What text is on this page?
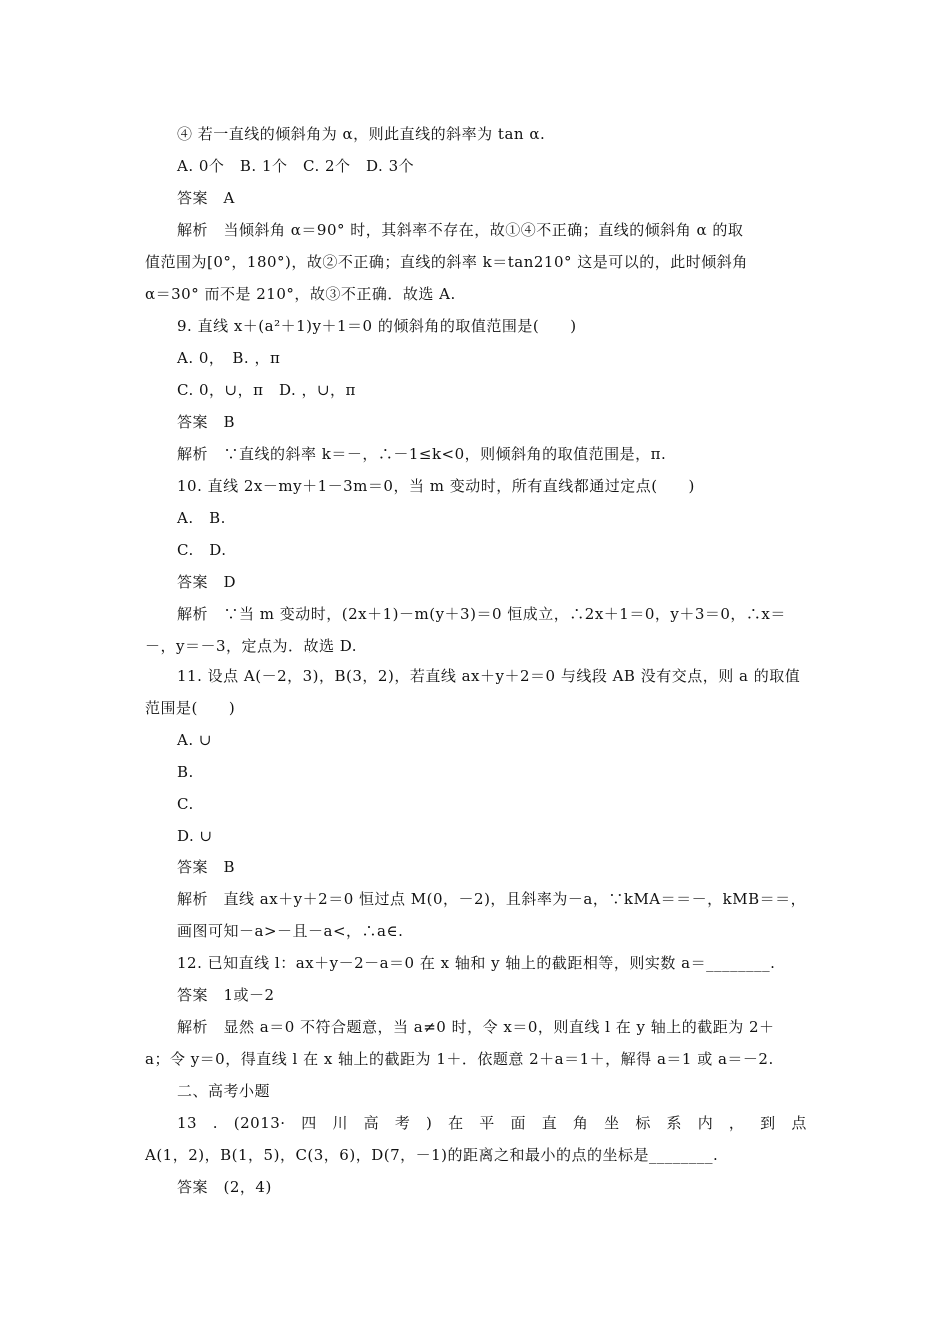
④ 若一直线的倾斜角为 α，则此直线的斜率为 tan α.
A. 0个　B. 1个　C. 2个　D. 3个
答案　A
解析　当倾斜角 α＝90° 时，其斜率不存在，故①④不正确；直线的倾斜角 α 的取
值范围为[0°，180°)，故②不正确；直线的斜率 k＝tan210° 这是可以的，此时倾斜角
α＝30° 而不是 210°，故③不正确．故选 A.
9. 直线 x＋(a²＋1)y＋1＝0 的倾斜角的取值范围是(　　)
A. 0，　B. ，π
C. 0，∪，π　D. ，∪，π
答案　B
解析　∵直线的斜率 k＝－，∴－1≤k<0，则倾斜角的取值范围是，π.
10. 直线 2x－my＋1－3m＝0，当 m 变动时，所有直线都通过定点(　　)
A.　B.
C.　D.
答案　D
解析　∵当 m 变动时，(2x＋1)－m(y＋3)＝0 恒成立，∴2x＋1＝0，y＋3＝0，∴x＝
－，y＝－3，定点为．故选 D.
11. 设点 A(－2，3)，B(3，2)，若直线 ax＋y＋2＝0 与线段 AB 没有交点，则 a 的取值
范围是(　　)
A. ∪
B.
C.
D. ∪
答案　B
解析　直线 ax＋y＋2＝0 恒过点 M(0，－2)，且斜率为－a，∵kMA＝＝－，kMB＝＝，
画图可知－a>－且－a<，∴a∈.
12. 已知直线 l：ax＋y－2－a＝0 在 x 轴和 y 轴上的截距相等，则实数 a＝________.
答案　1或－2
解析　显然 a＝0 不符合题意，当 a≠0 时，令 x＝0，则直线 l 在 y 轴上的截距为 2＋
a；令 y＝0，得直线 l 在 x 轴上的截距为 1＋．依题意 2＋a＝1＋，解得 a＝1 或 a＝－2.
二、高考小题
13 . (2013· 四 川 高 考 ) 在 平 面 直 角 坐 标 系 内 ， 到 点
A(1，2)，B(1，5)，C(3，6)，D(7，－1)的距离之和最小的点的坐标是________.
答案　(2，4)
